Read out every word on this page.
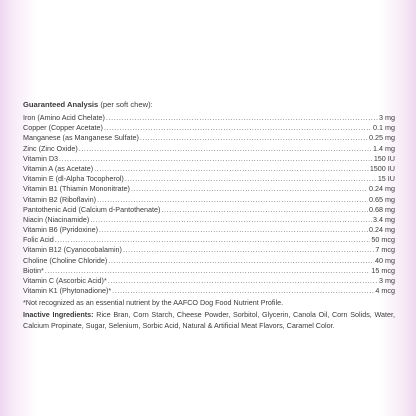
Guaranteed Analysis (per soft chew):
Iron (Amino Acid Chelate) .....	3 mg
Copper (Copper Acetate) .....	0.1 mg
Manganese (as Manganese Sulfate) .....	0.25 mg
Zinc (Zinc Oxide) .....	1.4 mg
Vitamin D3 .....	150 IU
Vitamin A (as Acetate) .....	1500 IU
Vitamin E (dl-Alpha Tocopherol) .....	15 IU
Vitamin B1 (Thiamin Mononitrate) .....	0.24 mg
Vitamin B2 (Riboflavin) .....	0.65 mg
Pantothenic Acid (Calcium d-Pantothenate) .....	0.68 mg
Niacin (Niacinamide) .....	3.4 mg
Vitamin B6 (Pyridoxine) .....	0.24 mg
Folic Acid .....	50 mcg
Vitamin B12 (Cyanocobalamin) .....	7 mcg
Choline (Choline Chloride) .....	40 mg
Biotin* .....	15 mcg
Vitamin C (Ascorbic Acid)* .....	3 mg
Vitamin K1 (Phytonadione)* .....	4 mcg
*Not recognized as an essential nutrient by the AAFCO Dog Food Nutrient Profile.
Inactive Ingredients: Rice Bran, Corn Starch, Cheese Powder, Sorbitol, Glycerin, Canola Oil, Corn Solids, Water, Calcium Propinate, Sugar, Selenium, Sorbic Acid, Natural & Artificial Meat Flavors, Caramel Color.
